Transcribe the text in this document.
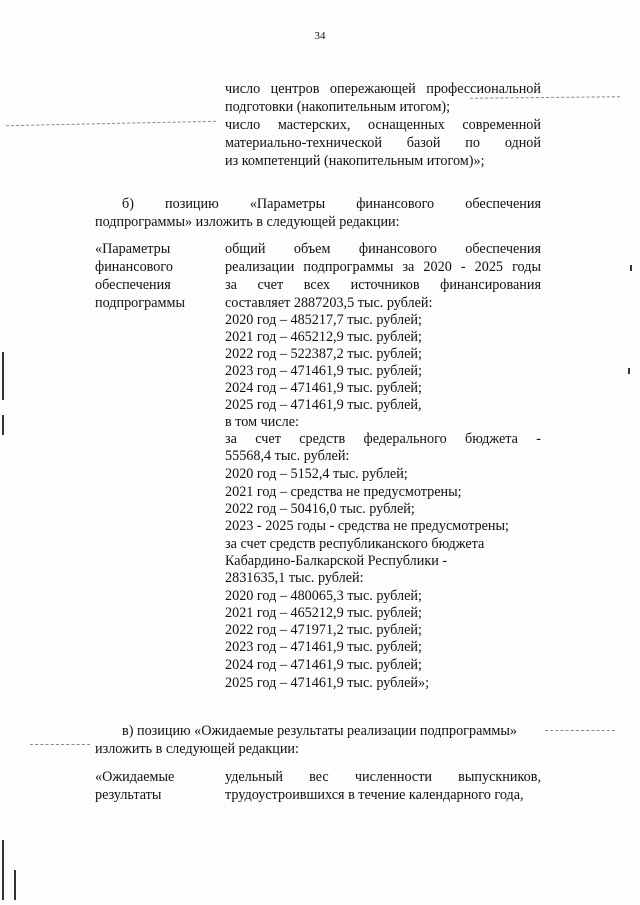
34
число центров опережающей профессиональной
подготовки (накопительным итогом);
число мастерских, оснащенных современной
материально-технической базой по одной
из компетенций (накопительным итогом)»;
б) позицию «Параметры финансового обеспечения
подпрограммы» изложить в следующей редакции:
«Параметры
финансового
обеспечения
подпрограммы
общий объем финансового обеспечения
реализации подпрограммы за 2020 - 2025 годы
за счет всех источников финансирования
составляет 2887203,5 тыс. рублей:
2020 год – 485217,7 тыс. рублей;
2021 год – 465212,9 тыс. рублей;
2022 год – 522387,2 тыс. рублей;
2023 год – 471461,9 тыс. рублей;
2024 год – 471461,9 тыс. рублей;
2025 год – 471461,9 тыс. рублей,
в том числе:
за счет средств федерального бюджета -
55568,4 тыс. рублей:
2020 год – 5152,4 тыс. рублей;
2021 год – средства не предусмотрены;
2022 год – 50416,0 тыс. рублей;
2023 - 2025 годы - средства не предусмотрены;
за счет средств республиканского бюджета
Кабардино-Балкарской Республики -
2831635,1 тыс. рублей:
2020 год – 480065,3 тыс. рублей;
2021 год – 465212,9 тыс. рублей;
2022 год – 471971,2 тыс. рублей;
2023 год – 471461,9 тыс. рублей;
2024 год – 471461,9 тыс. рублей;
2025 год – 471461,9 тыс. рублей»;
в) позицию «Ожидаемые результаты реализации подпрограммы»
изложить в следующей редакции:
«Ожидаемые
результаты
удельный вес численности выпускников,
трудоустроившихся в течение календарного года,
